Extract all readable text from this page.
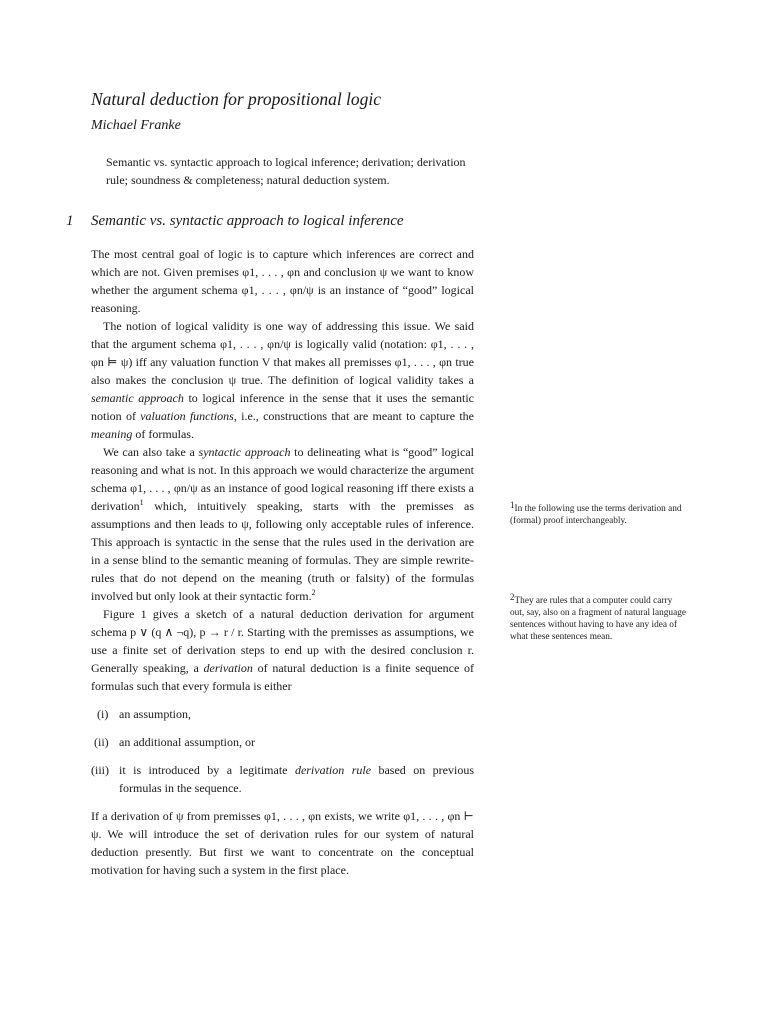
Natural deduction for propositional logic
Michael Franke
Semantic vs. syntactic approach to logical inference; derivation; derivation rule; soundness & completeness; natural deduction system.
1 Semantic vs. syntactic approach to logical inference

The most central goal of logic is to capture which inferences are correct and which are not. Given premises φ1, . . . , φn and conclusion ψ we want to know whether the argument schema φ1, . . . , φn/ψ is an instance of “good” logical reasoning.

The notion of logical validity is one way of addressing this issue. We said that the argument schema φ1, . . . , φn/ψ is logically valid (notation: φ1, . . . , φn ⊨ ψ) iff any valuation function V that makes all premisses φ1, . . . , φn true also makes the conclusion ψ true. The definition of logical validity takes a semantic approach to logical inference in the sense that it uses the semantic notion of valuation functions, i.e., constructions that are meant to capture the meaning of formulas.

We can also take a syntactic approach to delineating what is “good” logical reasoning and what is not. In this approach we would characterize the argument schema φ1, . . . , φn/ψ as an instance of good logical reasoning iff there exists a derivation$^1$ which, intuitively speaking, starts with the premisses as assumptions and then leads to ψ, following only acceptable rules of inference. This approach is syntactic in the sense that the rules used in the derivation are in a sense blind to the semantic meaning of formulas. They are simple rewrite-rules that do not depend on the meaning (truth or falsity) of the formulas involved but only look at their syntactic form.$^2$

Figure 1 gives a sketch of a natural deduction derivation for argument schema p ∨ (q ∧ ¬q), p → r / r. Starting with the premisses as assumptions, we use a finite set of derivation steps to end up with the desired conclusion r. Generally speaking, a derivation of natural deduction is a finite sequence of formulas such that every formula is either

(i) an assumption,
(ii) an additional assumption, or
(iii) it is introduced by a legitimate derivation rule based on previous formulas in the sequence.

If a derivation of ψ from premisses φ1, . . . , φn exists, we write φ1, . . . , φn ⊢ ψ. We will introduce the set of derivation rules for our system of natural deduction presently. But first we want to concentrate on the conceptual motivation for having such a system in the first place.

1In the following use the terms derivation and (formal) proof interchangeably.
2They are rules that a computer could carry out, say, also on a fragment of natural language sentences without having to have any idea of what these sentences mean.
